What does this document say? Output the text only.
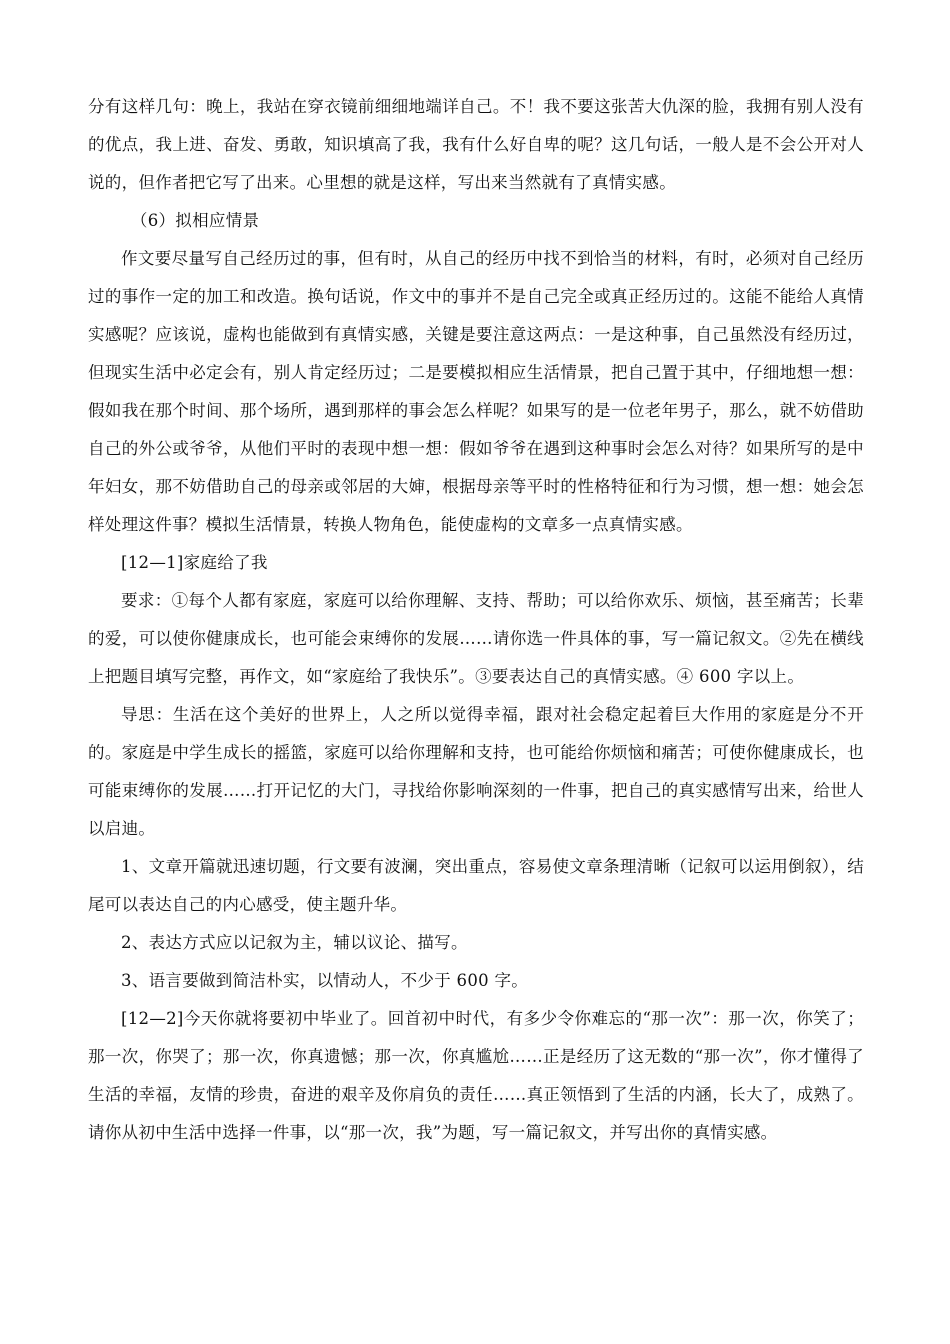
分有这样几句：晚上，我站在穿衣镜前细细地端详自己。不！我不要这张苦大仇深的脸，我拥有别人没有的优点，我上进、奋发、勇敢，知识填高了我，我有什么好自卑的呢？这几句话，一般人是不会公开对人说的，但作者把它写了出来。心里想的就是这样，写出来当然就有了真情实感。

（6）拟相应情景

作文要尽量写自己经历过的事，但有时，从自己的经历中找不到恰当的材料，有时，必须对自己经历过的事作一定的加工和改造。换句话说，作文中的事并不是自己完全或真正经历过的。这能不能给人真情实感呢？应该说，虚构也能做到有真情实感，关键是要注意这两点：一是这种事，自己虽然没有经历过，但现实生活中必定会有，别人肯定经历过；二是要模拟相应生活情景，把自己置于其中，仔细地想一想：假如我在那个时间、那个场所，遇到那样的事会怎么样呢？如果写的是一位老年男子，那么，就不妨借助自己的外公或爷爷，从他们平时的表现中想一想：假如爷爷在遇到这种事时会怎么对待？如果所写的是中年妇女，那不妨借助自己的母亲或邻居的大婶，根据母亲等平时的性格特征和行为习惯，想一想：她会怎样处理这件事？模拟生活情景，转换人物角色，能使虚构的文章多一点真情实感。

[12—1]家庭给了我

要求：①每个人都有家庭，家庭可以给你理解、支持、帮助；可以给你欢乐、烦恼，甚至痛苦；长辈的爱，可以使你健康成长，也可能会束缚你的发展……请你选一件具体的事，写一篇记叙文。②先在横线上把题目填写完整，再作文，如“家庭给了我快乐”。③要表达自己的真情实感。④ 600 字以上。

导思：生活在这个美好的世界上，人之所以觉得幸福，跟对社会稳定起着巨大作用的家庭是分不开的。家庭是中学生成长的摇篮，家庭可以给你理解和支持，也可能给你烦恼和痛苦；可使你健康成长，也可能束缚你的发展……打开记忆的大门，寻找给你影响深刻的一件事，把自己的真实感情写出来，给世人以启迪。

1、文章开篇就迅速切题，行文要有波澜，突出重点，容易使文章条理清晰（记叙可以运用倒叙），结尾可以表达自己的内心感受，使主题升华。

2、表达方式应以记叙为主，辅以议论、描写。

3、语言要做到简洁朴实，以情动人，不少于 600 字。

[12—2]今天你就将要初中毕业了。回首初中时代，有多少令你难忘的“那一次”：那一次，你笑了；那一次，你哭了；那一次，你真遗憾；那一次，你真尴尬……正是经历了这无数的“那一次”，你才懂得了生活的幸福，友情的珍贵，奋进的艰辛及你肩负的责任……真正领悟到了生活的内涵，长大了，成熟了。请你从初中生活中选择一件事，以“那一次，我”为题，写一篇记叙文，并写出你的真情实感。
